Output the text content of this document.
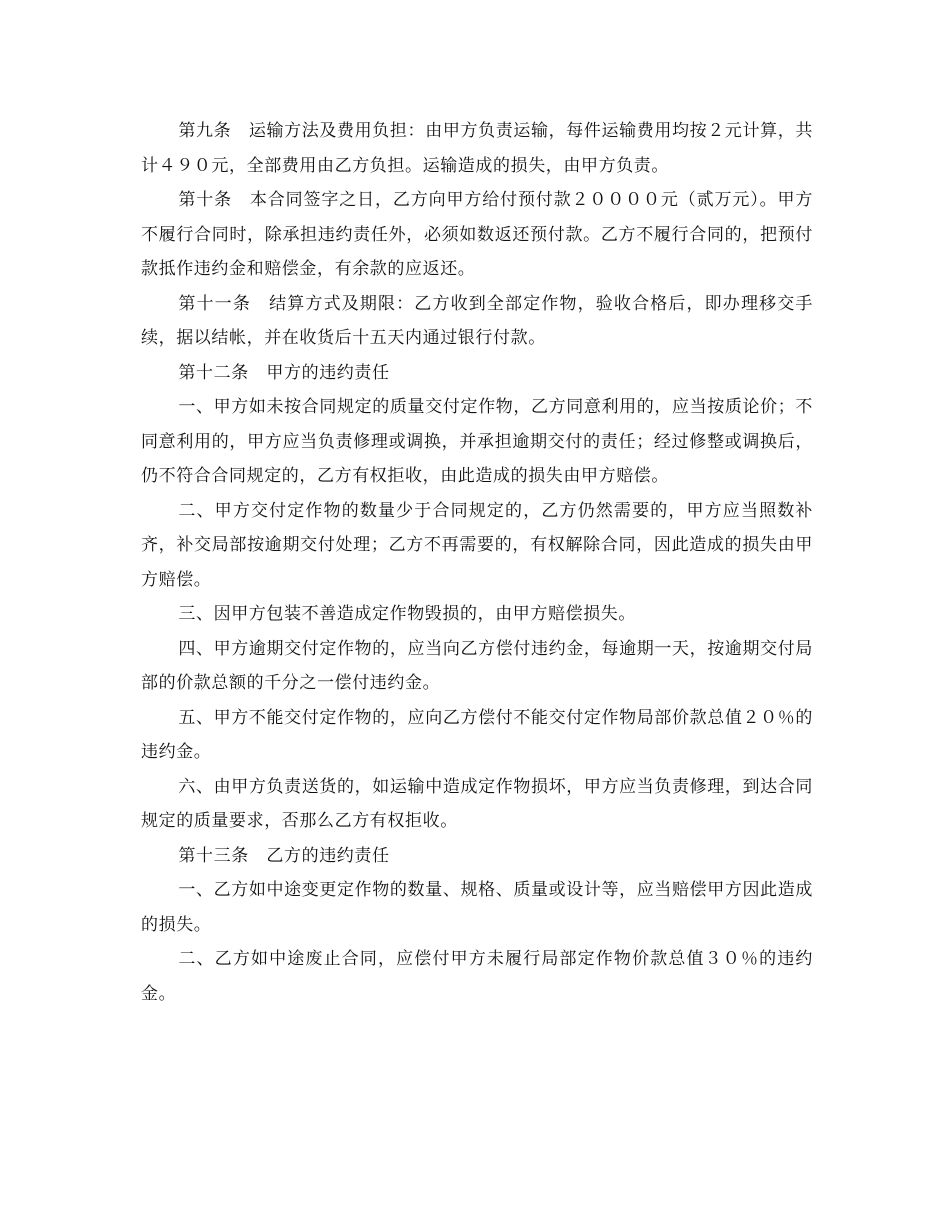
第九条　运输方法及费用负担：由甲方负责运输，每件运输费用均按２元计算，共计４９０元，全部费用由乙方负担。运输造成的损失，由甲方负责。

第十条　本合同签字之日，乙方向甲方给付预付款２００００元（贰万元）。甲方不履行合同时，除承担违约责任外，必须如数返还预付款。乙方不履行合同的，把预付款抵作违约金和赔偿金，有余款的应返还。

第十一条　结算方式及期限：乙方收到全部定作物，验收合格后，即办理移交手续，据以结帐，并在收货后十五天内通过银行付款。

第十二条　甲方的违约责任

一、甲方如未按合同规定的质量交付定作物，乙方同意利用的，应当按质论价；不同意利用的，甲方应当负责修理或调换，并承担逾期交付的责任；经过修整或调换后，仍不符合合同规定的，乙方有权拒收，由此造成的损失由甲方赔偿。

二、甲方交付定作物的数量少于合同规定的，乙方仍然需要的，甲方应当照数补齐，补交局部按逾期交付处理；乙方不再需要的，有权解除合同，因此造成的损失由甲方赔偿。

三、因甲方包装不善造成定作物毁损的，由甲方赔偿损失。

四、甲方逾期交付定作物的，应当向乙方偿付违约金，每逾期一天，按逾期交付局部的价款总额的千分之一偿付违约金。

五、甲方不能交付定作物的，应向乙方偿付不能交付定作物局部价款总值２０％的违约金。

六、由甲方负责送货的，如运输中造成定作物损坏，甲方应当负责修理，到达合同规定的质量要求，否那么乙方有权拒收。

第十三条　乙方的违约责任

一、乙方如中途变更定作物的数量、规格、质量或设计等，应当赔偿甲方因此造成的损失。

二、乙方如中途废止合同，应偿付甲方未履行局部定作物价款总值３０％的违约金。
